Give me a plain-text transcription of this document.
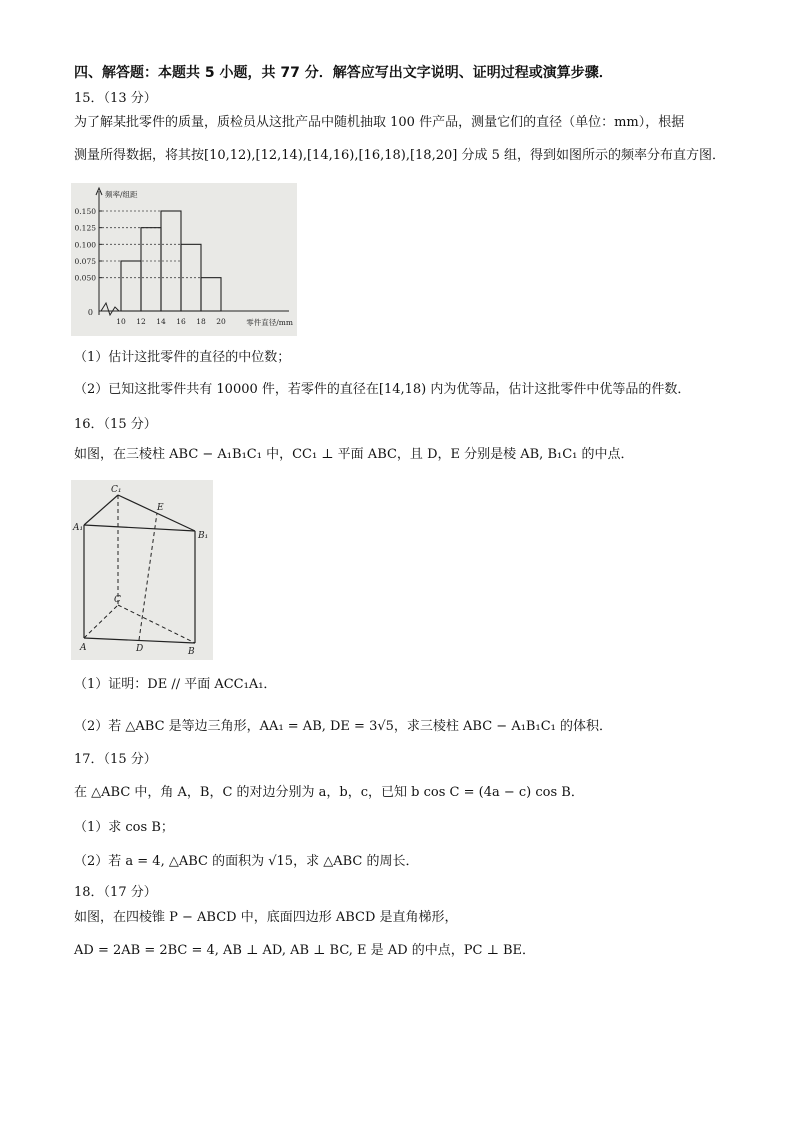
四、解答题：本题共 5 小题，共 77 分．解答应写出文字说明、证明过程或演算步骤．
15．（13 分）
为了解某批零件的质量，质检员从这批产品中随机抽取 100 件产品，测量它们的直径（单位：mm），根据
测量所得数据，将其按[10,12),[12,14),[14,16),[16,18),[18,20] 分成 5 组，得到如图所示的频率分布直方图．
0
频率/组距
零件直径/mm
0.150
0.125
0.100
0.075
0.050
10 12 14 16 18 20
（1）估计这批零件的直径的中位数；
（2）已知这批零件共有 10000 件，若零件的直径在[14,18) 内为优等品，估计这批零件中优等品的件数．
16．（15 分）
如图，在三棱柱 ABC − A₁B₁C₁ 中，CC₁ ⊥ 平面 ABC，且 D，E 分别是棱 AB, B₁C₁ 的中点．
C₁
A₁
B₁
E
C
A	D	B
（1）证明：DE // 平面 ACC₁A₁．
（2）若 △ABC 是等边三角形，AA₁ = AB, DE = 3√5，求三棱柱 ABC − A₁B₁C₁ 的体积．
17．（15 分）
在 △ABC 中，角 A，B，C 的对边分别为 a，b，c，已知 b cos C = (4a − c) cos B．
（1）求 cos B；
（2）若 a = 4, △ABC 的面积为 √15，求 △ABC 的周长．
18．（17 分）
如图，在四棱锥 P − ABCD 中，底面四边形 ABCD 是直角梯形，
AD = 2AB = 2BC = 4, AB ⊥ AD, AB ⊥ BC, E 是 AD 的中点，PC ⊥ BE．
